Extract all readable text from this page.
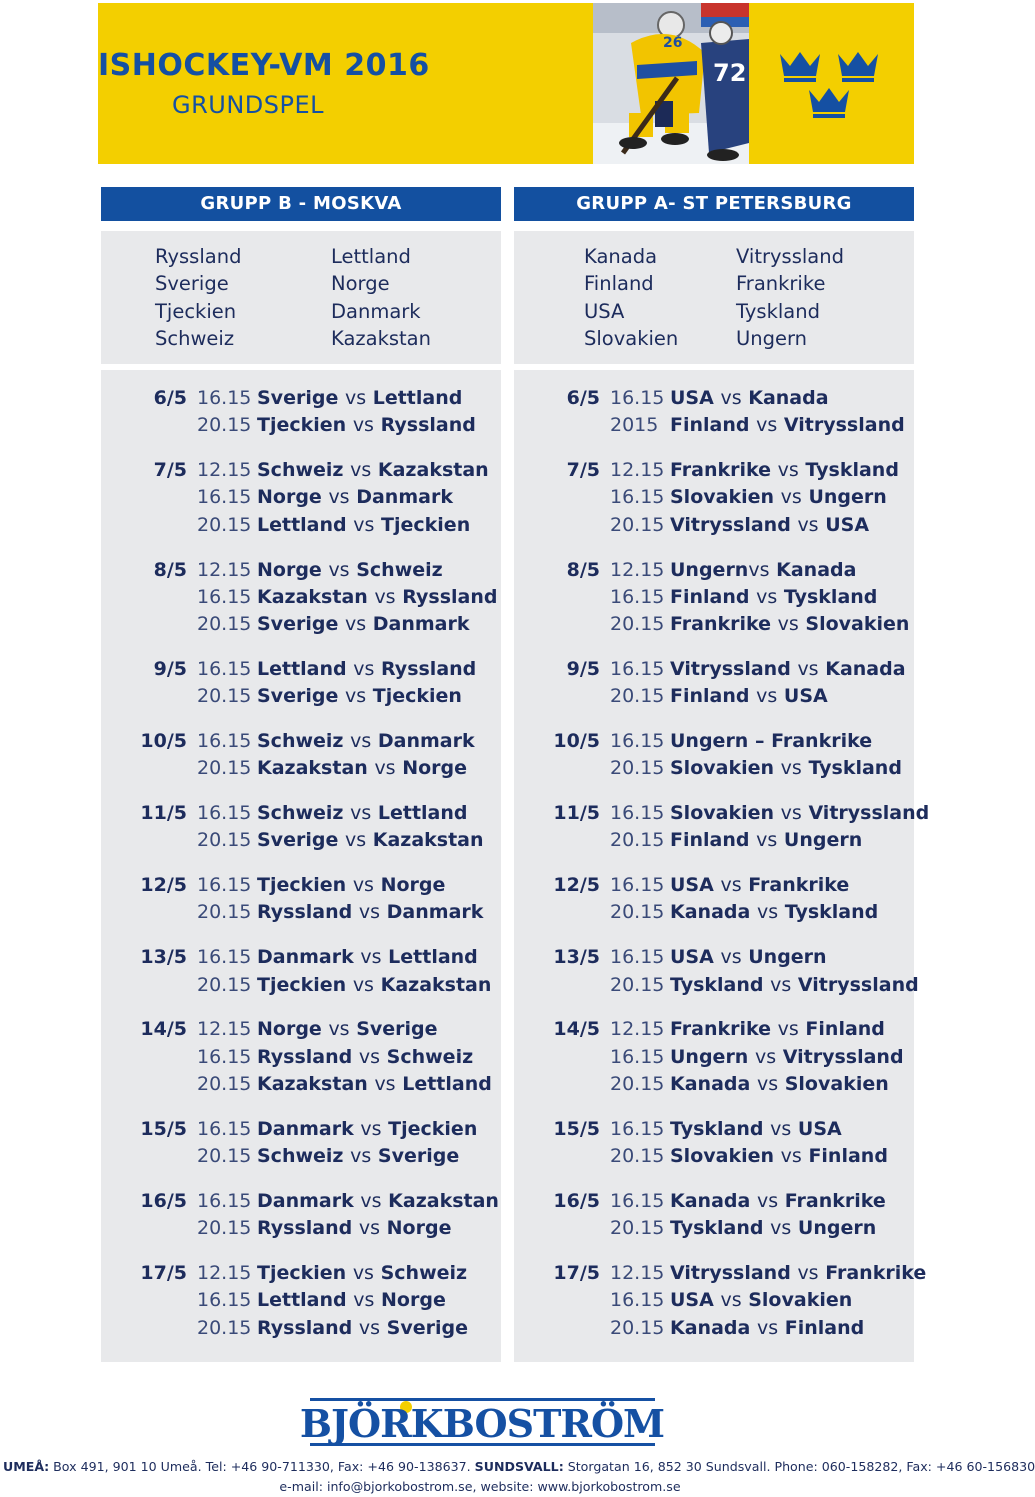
ISHOCKEY-VM 2016
GRUNDSPEL
26
72
GRUPP B - MOSKVA	GRUPP A- ST PETERSBURG
Ryssland
Sverige
Tjeckien
Schweiz
Lettland
Norge
Danmark
Kazakstan
Kanada
Finland
USA
Slovakien
Vitryssland
Frankrike
Tyskland
Ungern
6/5 16.15 Sverige vs Lettland
20.15 Tjeckien vs Ryssland
7/5 12.15 Schweiz vs Kazakstan
16.15 Norge vs Danmark
20.15 Lettland vs Tjeckien
8/5 12.15 Norge vs Schweiz
16.15 Kazakstan vs Ryssland
20.15 Sverige vs Danmark
9/5 16.15 Lettland vs Ryssland
20.15 Sverige vs Tjeckien
10/5 16.15 Schweiz vs Danmark
20.15 Kazakstan vs Norge
11/5 16.15 Schweiz vs Lettland
20.15 Sverige vs Kazakstan
12/5 16.15 Tjeckien vs Norge
20.15 Ryssland vs Danmark
13/5 16.15 Danmark vs Lettland
20.15 Tjeckien vs Kazakstan
14/5 12.15 Norge vs Sverige
16.15 Ryssland vs Schweiz
20.15 Kazakstan vs Lettland
15/5 16.15 Danmark vs Tjeckien
20.15 Schweiz vs Sverige
16/5 16.15 Danmark vs Kazakstan
20.15 Ryssland vs Norge
17/5 12.15 Tjeckien vs Schweiz
16.15 Lettland vs Norge
20.15 Ryssland vs Sverige
6/5 16.15 USA vs Kanada
2015 Finland vs Vitryssland
7/5 12.15 Frankrike vs Tyskland
16.15 Slovakien vs Ungern
20.15 Vitryssland vs USA
8/5 12.15 Ungernvs Kanada
16.15 Finland vs Tyskland
20.15 Frankrike vs Slovakien
9/5 16.15 Vitryssland vs Kanada
20.15 Finland vs USA
10/5 16.15 Ungern – Frankrike
20.15 Slovakien vs Tyskland
11/5 16.15 Slovakien vs Vitryssland
20.15 Finland vs Ungern
12/5 16.15 USA vs Frankrike
20.15 Kanada vs Tyskland
13/5 16.15 USA vs Ungern
20.15 Tyskland vs Vitryssland
14/5 12.15 Frankrike vs Finland
16.15 Ungern vs Vitryssland
20.15 Kanada vs Slovakien
15/5 16.15 Tyskland vs USA
20.15 Slovakien vs Finland
16/5 16.15 Kanada vs Frankrike
20.15 Tyskland vs Ungern
17/5 12.15 Vitryssland vs Frankrike
16.15 USA vs Slovakien
20.15 Kanada vs Finland
BJÖRKBOSTRÖM
UMEÅ: Box 491, 901 10 Umeå. Tel: +46 90-711330, Fax: +46 90-138637. SUNDSVALL: Storgatan 16, 852 30 Sundsvall. Phone: 060-158282, Fax: +46 60-156830
e-mail: info@bjorkobostrom.se, website: www.bjorkobostrom.se
